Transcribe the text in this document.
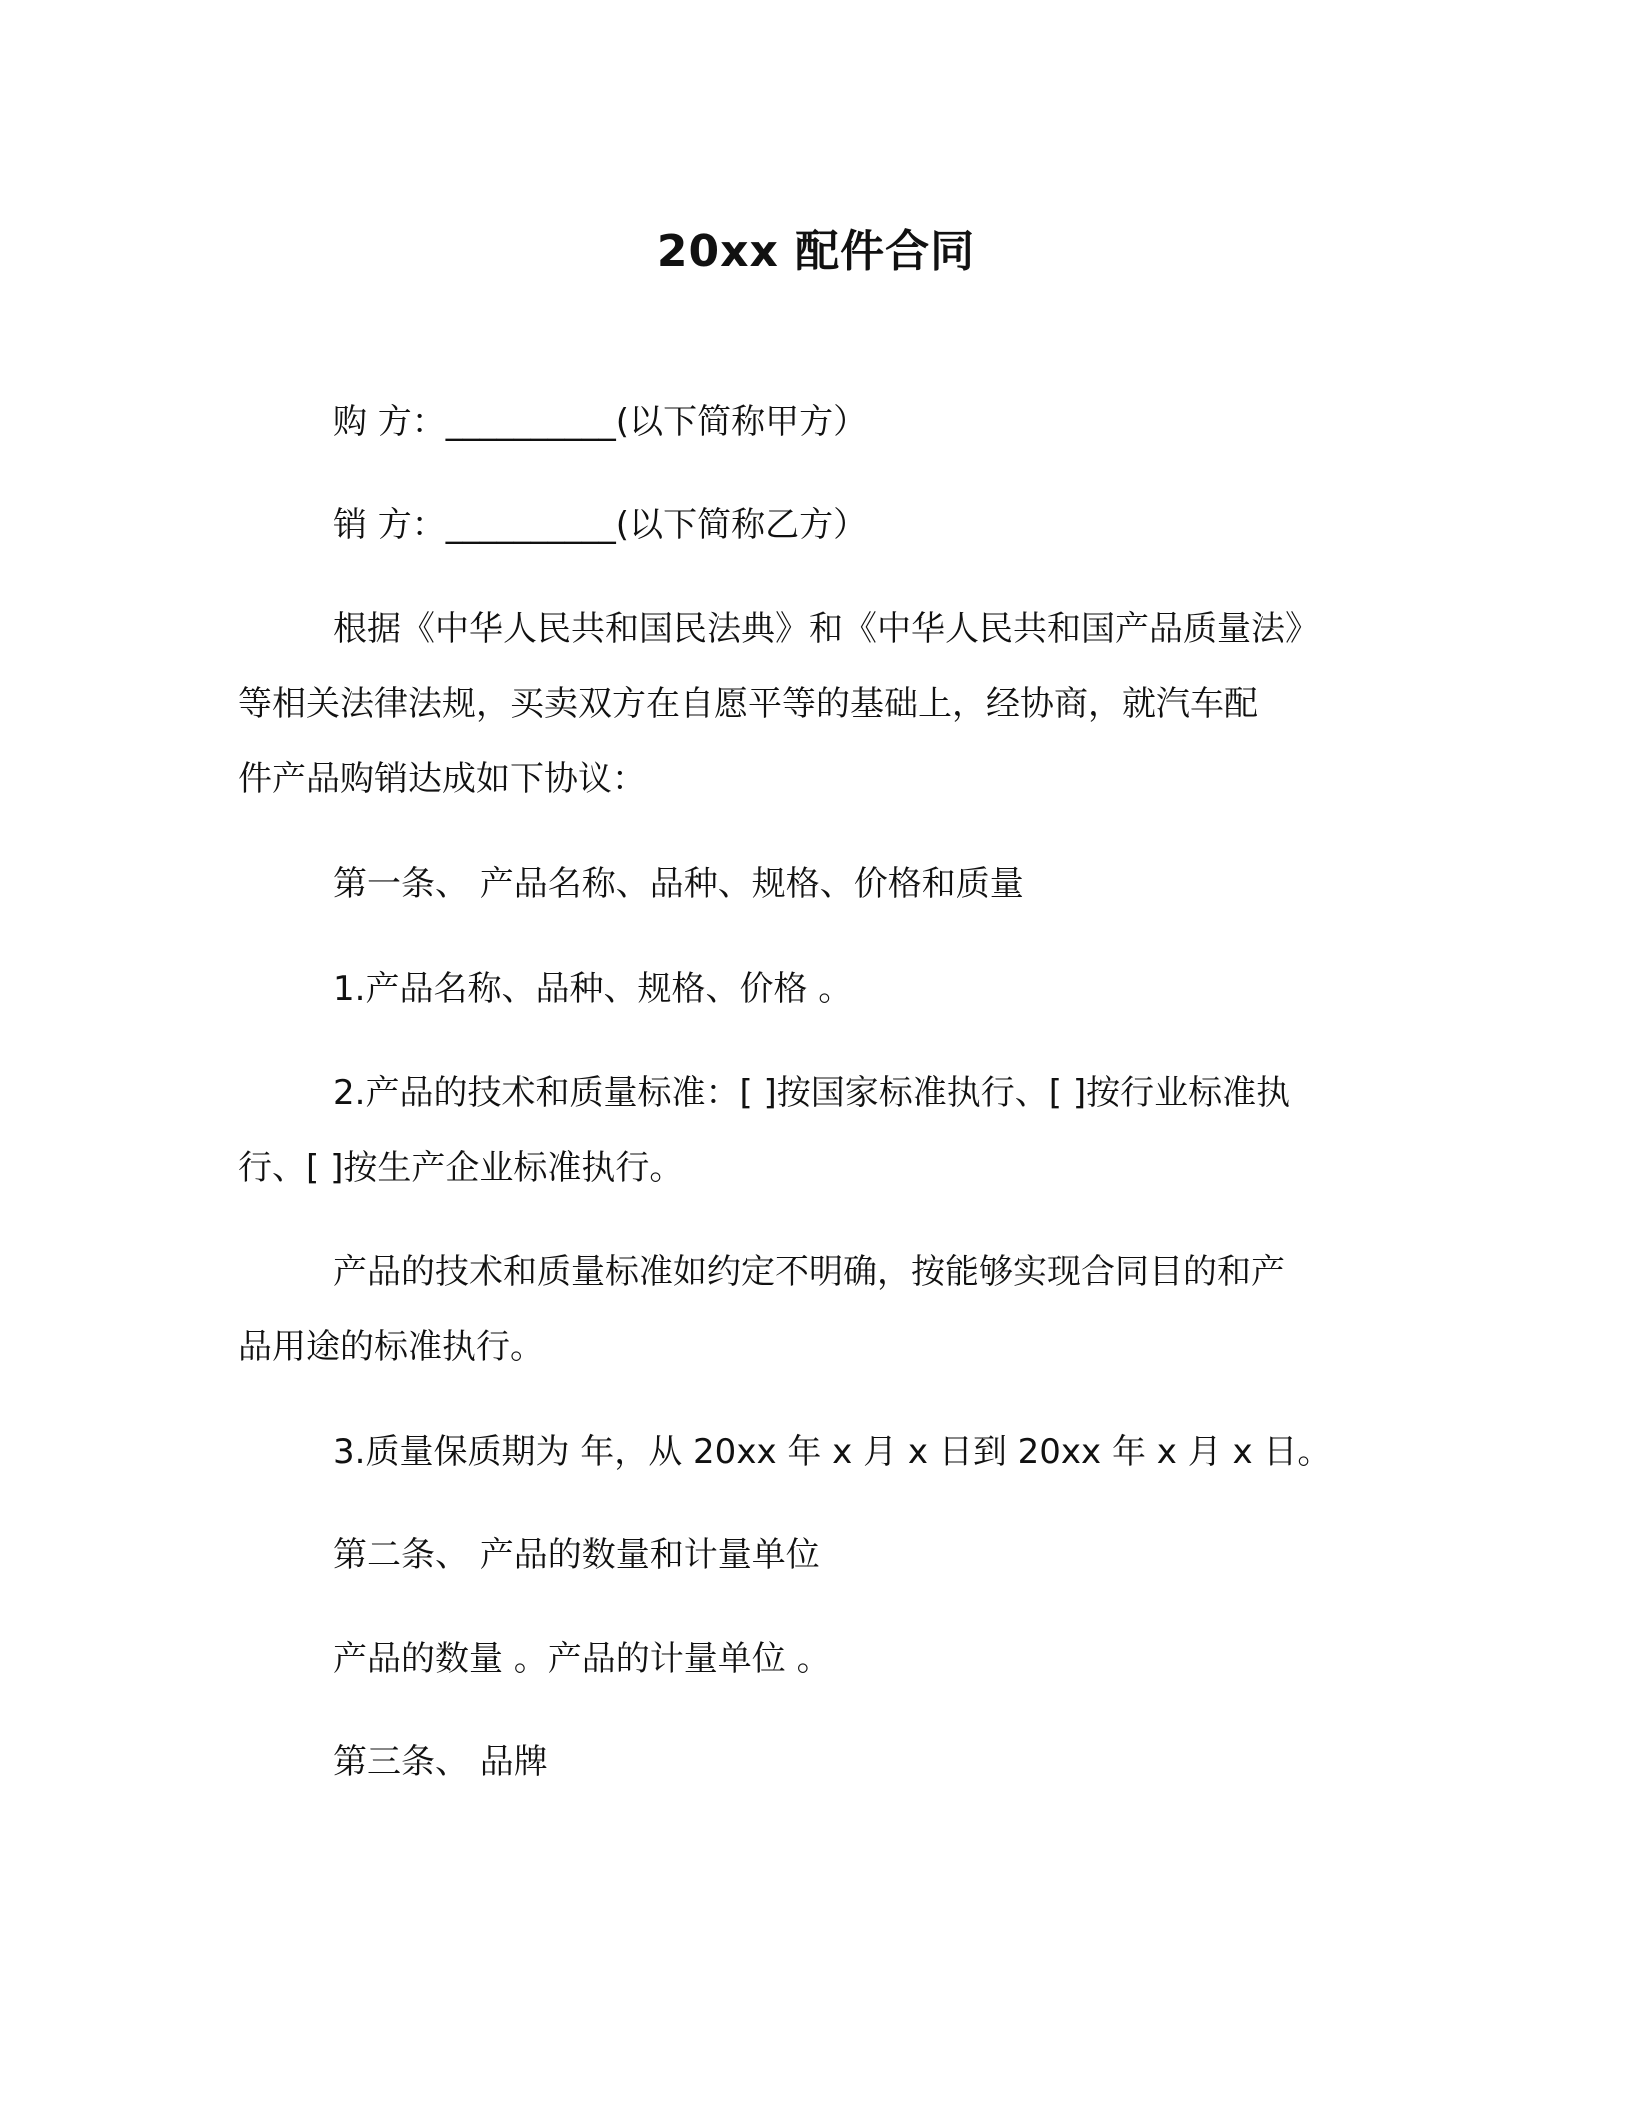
20xx 配件合同
购 方：__________(以下简称甲方）
销 方：__________(以下简称乙方）
根据《中华人民共和国民法典》和《中华人民共和国产品质量法》
等相关法律法规，买卖双方在自愿平等的基础上，经协商，就汽车配
件产品购销达成如下协议：
第一条、 产品名称、品种、规格、价格和质量
1.产品名称、品种、规格、价格 。
2.产品的技术和质量标准：[ ]按国家标准执行、[ ]按行业标准执
行、[ ]按生产企业标准执行。
产品的技术和质量标准如约定不明确，按能够实现合同目的和产
品用途的标准执行。
3.质量保质期为 年，从 20xx 年 x 月 x 日到 20xx 年 x 月 x 日。
第二条、 产品的数量和计量单位
产品的数量 。产品的计量单位 。
第三条、 品牌
